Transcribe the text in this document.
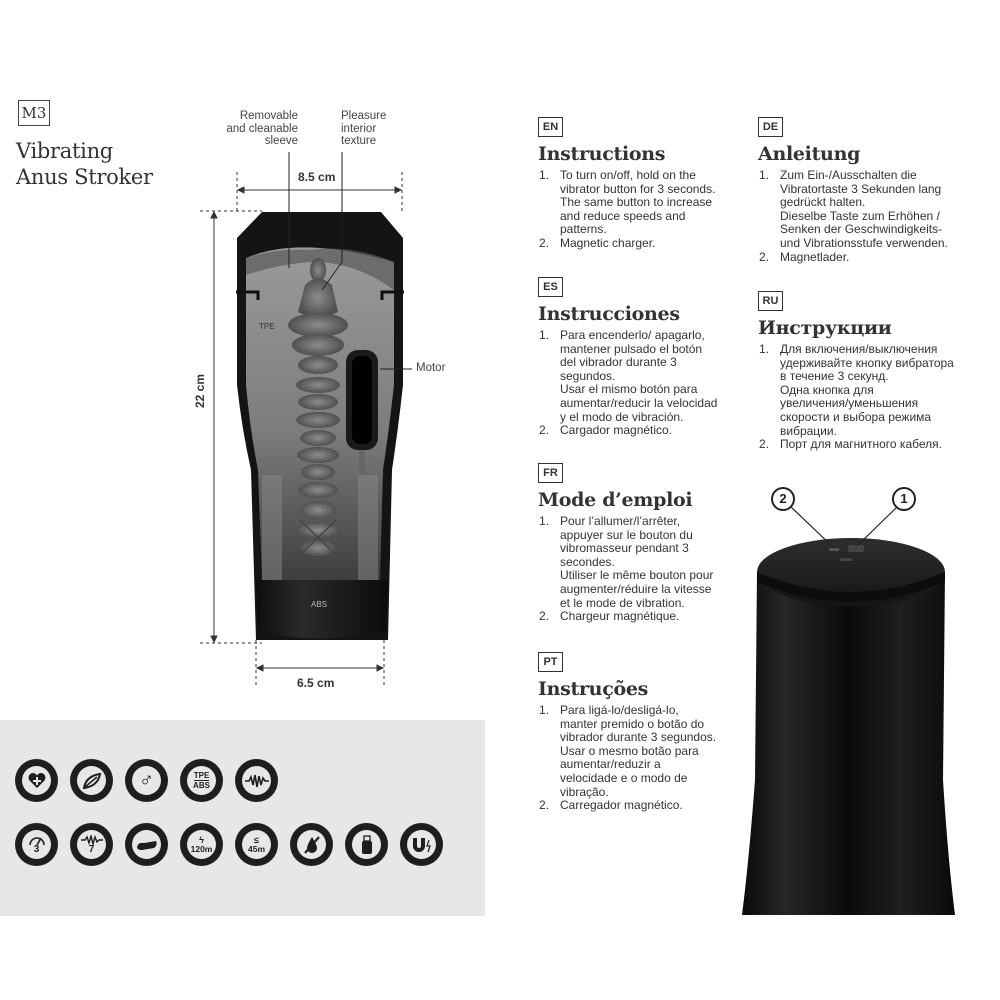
M3
Vibrating
Anus Stroker
Removable
and cleanable
sleeve
Pleasure
interior
texture
8.5 cm
6.5 cm
22 cm
Motor
TPE
ABS
EN
Instructions
To turn on/off, hold on the
vibrator button for 3 seconds.
The same button to increase
and reduce speeds and
patterns.
Magnetic charger.
DE
Anleitung
Zum Ein-/Ausschalten die
Vibratortaste 3 Sekunden lang
gedrückt halten.
Dieselbe Taste zum Erhöhen /
Senken der Geschwindigkeits-
und Vibrationsstufe verwenden.
Magnetlader.
ES
Instrucciones
Para encenderlo/ apagarlo,
mantener pulsado el botón
del vibrador durante 3
segundos.
Usar el mismo botón para
aumentar/reducir la velocidad
y el modo de vibración.
Cargador magnético.
RU
Инструкции
Для включения/выключения
удерживайте кнопку вибратора
в течение 3 секунд.
Одна кнопка для
увеличения/уменьшения
скорости и выбора режима
вибрации.
Порт для магнитного кабеля.
FR
Mode d’emploi
Pour l’allumer/l’arrêter,
appuyer sur le bouton du
vibromasseur pendant 3
secondes.
Utiliser le même bouton pour
augmenter/réduire la vitesse
et le mode de vibration.
Chargeur magnétique.
PT
Instruções
Para ligá-lo/desligá-lo,
manter premido o botão do
vibrador durante 3 segundos.
Usar o mesmo botão para
aumentar/reduzir a
velocidade e o modo de
vibração.
Carregador magnético.
2	1
♂	TPE
ABS
3	7
ϟ
120m
≤
45m
